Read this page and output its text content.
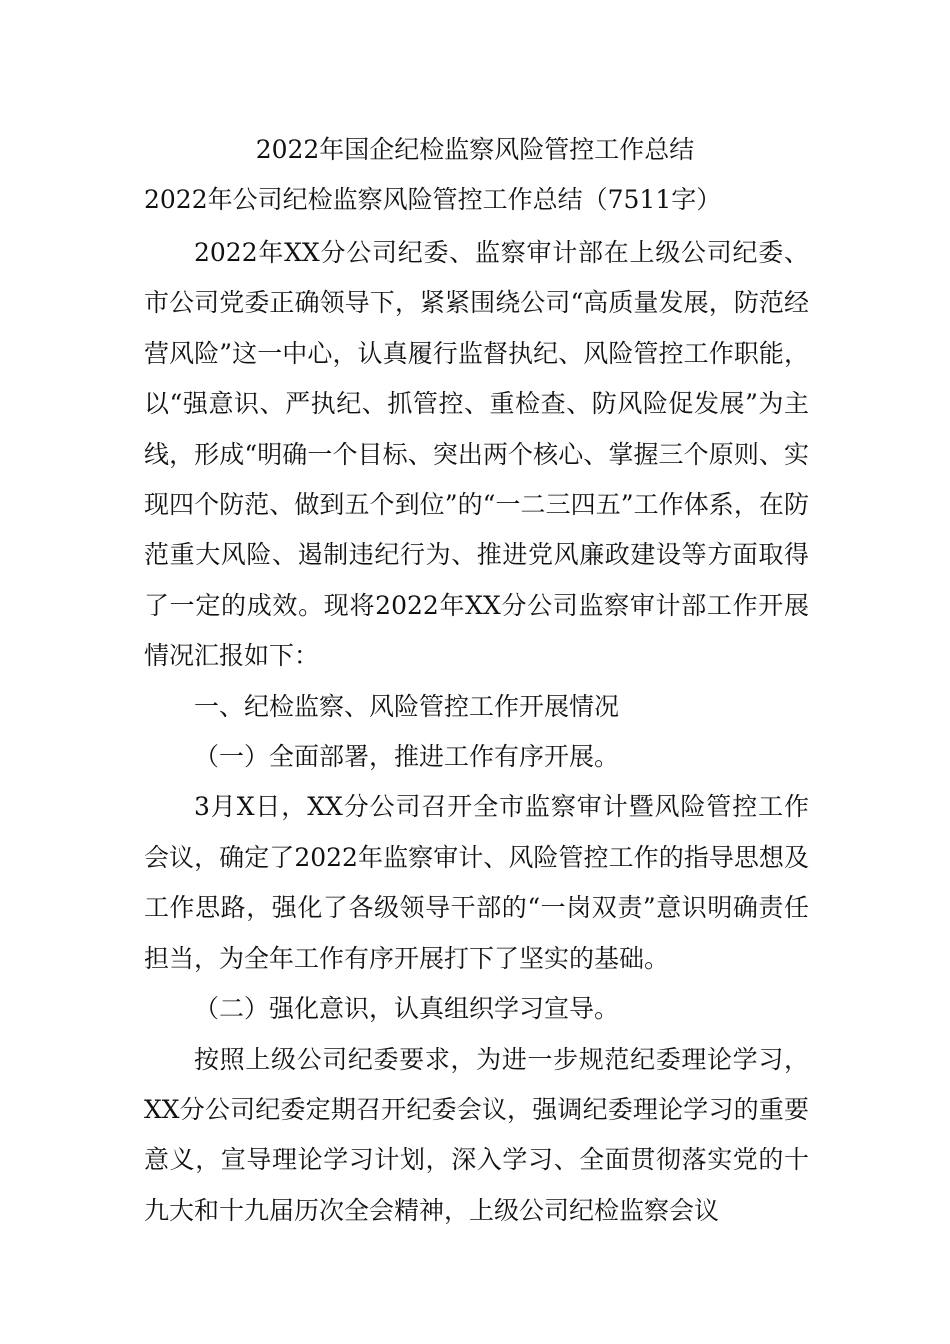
2022年国企纪检监察风险管控工作总结

2022年公司纪检监察风险管控工作总结（7511字）

2022年XX分公司纪委、监察审计部在上级公司纪委、市公司党委正确领导下，紧紧围绕公司“高质量发展，防范经营风险”这一中心，认真履行监督执纪、风险管控工作职能，以“强意识、严执纪、抓管控、重检查、防风险促发展”为主线，形成“明确一个目标、突出两个核心、掌握三个原则、实现四个防范、做到五个到位”的“一二三四五”工作体系，在防范重大风险、遏制违纪行为、推进党风廉政建设等方面取得了一定的成效。现将2022年XX分公司监察审计部工作开展情况汇报如下：

一、纪检监察、风险管控工作开展情况

（一）全面部署，推进工作有序开展。

3月X日，XX分公司召开全市监察审计暨风险管控工作会议，确定了2022年监察审计、风险管控工作的指导思想及工作思路，强化了各级领导干部的“一岗双责”意识明确责任担当，为全年工作有序开展打下了坚实的基础。

（二）强化意识，认真组织学习宣导。

按照上级公司纪委要求，为进一步规范纪委理论学习，XX分公司纪委定期召开纪委会议，强调纪委理论学习的重要意义，宣导理论学习计划，深入学习、全面贯彻落实党的十九大和十九届历次全会精神，上级公司纪检监察会议
